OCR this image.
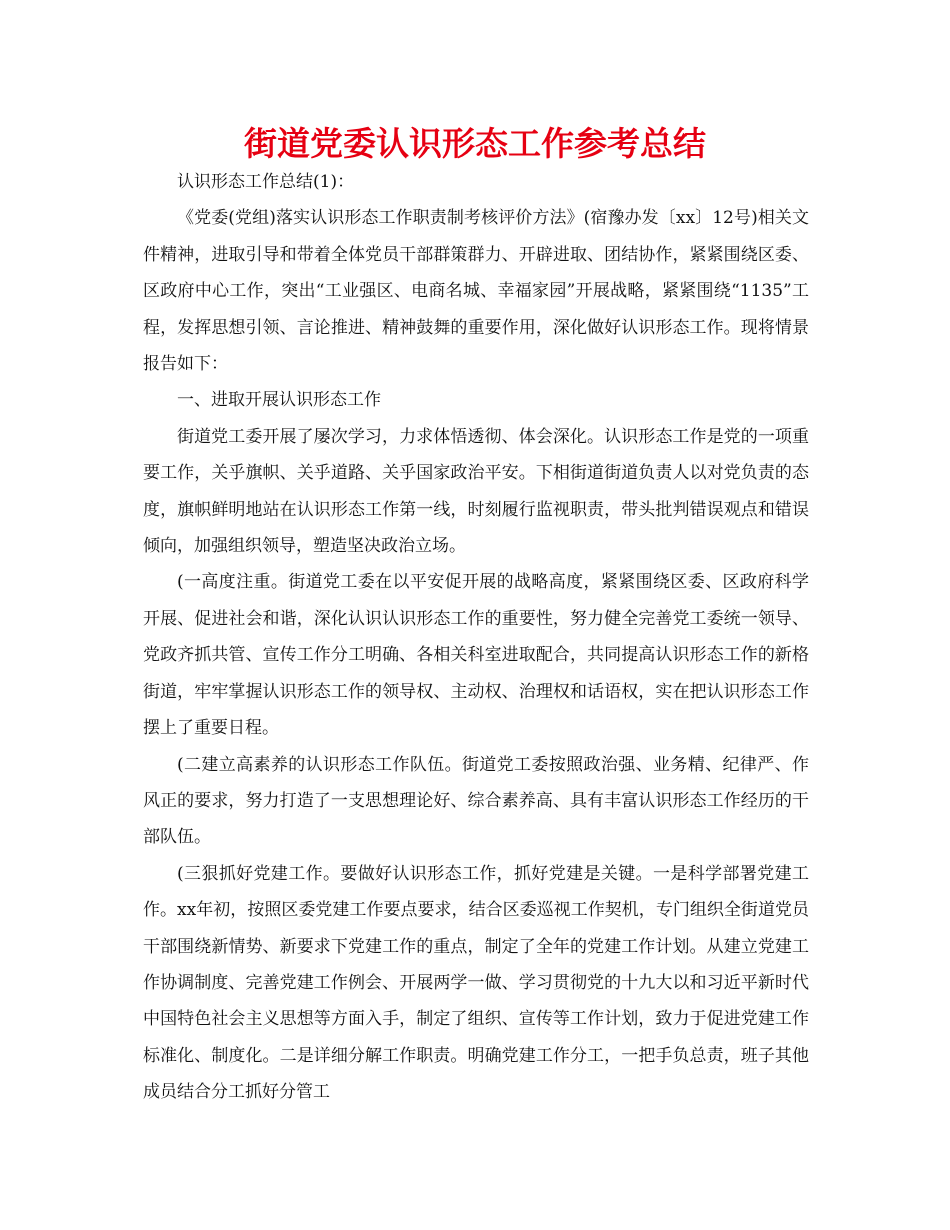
街道党委认识形态工作参考总结

认识形态工作总结(1)：

《党委(党组)落实认识形态工作职责制考核评价方法》(宿豫办发〔xx〕12号)相关文件精神，进取引导和带着全体党员干部群策群力、开辟进取、团结协作，紧紧围绕区委、区政府中心工作，突出“工业强区、电商名城、幸福家园”开展战略，紧紧围绕“1135”工程，发挥思想引领、言论推进、精神鼓舞的重要作用，深化做好认识形态工作。现将情景报告如下：

一、进取开展认识形态工作

街道党工委开展了屡次学习，力求体悟透彻、体会深化。认识形态工作是党的一项重要工作，关乎旗帜、关乎道路、关乎国家政治平安。下相街道街道负责人以对党负责的态度，旗帜鲜明地站在认识形态工作第一线，时刻履行监视职责，带头批判错误观点和错误倾向，加强组织领导，塑造坚决政治立场。

(一高度注重。街道党工委在以平安促开展的战略高度，紧紧围绕区委、区政府科学开展、促进社会和谐，深化认识认识形态工作的重要性，努力健全完善党工委统一领导、党政齐抓共管、宣传工作分工明确、各相关科室进取配合，共同提高认识形态工作的新格街道，牢牢掌握认识形态工作的领导权、主动权、治理权和话语权，实在把认识形态工作摆上了重要日程。

(二建立高素养的认识形态工作队伍。街道党工委按照政治强、业务精、纪律严、作风正的要求，努力打造了一支思想理论好、综合素养高、具有丰富认识形态工作经历的干部队伍。

(三狠抓好党建工作。要做好认识形态工作，抓好党建是关键。一是科学部署党建工作。xx年初，按照区委党建工作要点要求，结合区委巡视工作契机，专门组织全街道党员干部围绕新情势、新要求下党建工作的重点，制定了全年的党建工作计划。从建立党建工作协调制度、完善党建工作例会、开展两学一做、学习贯彻党的十九大以和习近平新时代中国特色社会主义思想等方面入手，制定了组织、宣传等工作计划，致力于促进党建工作标准化、制度化。二是详细分解工作职责。明确党建工作分工，一把手负总责，班子其他成员结合分工抓好分管工
